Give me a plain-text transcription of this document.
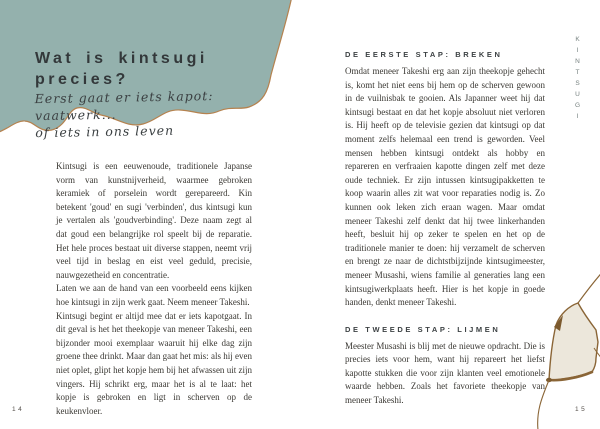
Wat is kintsugi precies?
Eerst gaat er iets kapot: vaatwerk...
of iets in ons leven

Kintsugi is een eeuwenoude, traditionele Japanse vorm van kunstnijverheid, waarmee gebroken keramiek of porselein wordt gerepareerd. Kin betekent 'goud' en sugi 'verbinden', dus kintsugi kun je vertalen als 'goudverbinding'. Deze naam zegt al dat goud een belangrijke rol speelt bij de reparatie. Het hele proces bestaat uit diverse stappen, neemt vrij veel tijd in beslag en eist veel geduld, precisie, nauwgezetheid en concentratie.

Laten we aan de hand van een voorbeeld eens kijken hoe kintsugi in zijn werk gaat. Neem meneer Takeshi.

Kintsugi begint er altijd mee dat er iets kapotgaat. In dit geval is het het theekopje van meneer Takeshi, een bijzonder mooi exemplaar waaruit hij elke dag zijn groene thee drinkt. Maar dan gaat het mis: als hij even niet oplet, glipt het kopje hem bij het afwassen uit zijn vingers. Hij schrikt erg, maar het is al te laat: het kopje is gebroken en ligt in scherven op de keukenvloer.

14
DE EERSTE STAP: BREKEN

Omdat meneer Takeshi erg aan zijn theekopje gehecht is, komt het niet eens bij hem op de scherven gewoon in de vuilnisbak te gooien. Als Japanner weet hij dat kintsugi bestaat en dat het kopje absoluut niet verloren is. Hij heeft op de televisie gezien dat kintsugi op dat moment zelfs helemaal een trend is geworden. Veel mensen hebben kintsugi ontdekt als hobby en repareren en verfraaien kapotte dingen zelf met deze oude techniek. Er zijn intussen kintsugipakketten te koop waarin alles zit wat voor reparaties nodig is. Zo kunnen ook leken zich eraan wagen. Maar omdat meneer Takeshi zelf denkt dat hij twee linkerhanden heeft, besluit hij op zeker te spelen en het op de traditionele manier te doen: hij verzamelt de scherven en brengt ze naar de dichtstbijzijnde kintsugimeester, meneer Musashi, wiens familie al generaties lang een kintsugiwerkplaats heeft. Hier is het kopje in goede handen, denkt meneer Takeshi.

DE TWEEDE STAP: LIJMEN

Meester Musashi is blij met de nieuwe opdracht. Die is precies iets voor hem, want hij repareert het liefst kapotte stukken die voor zijn klanten veel emotionele waarde hebben. Zoals het favoriete theekopje van meneer Takeshi.

KINTSUGI
15
